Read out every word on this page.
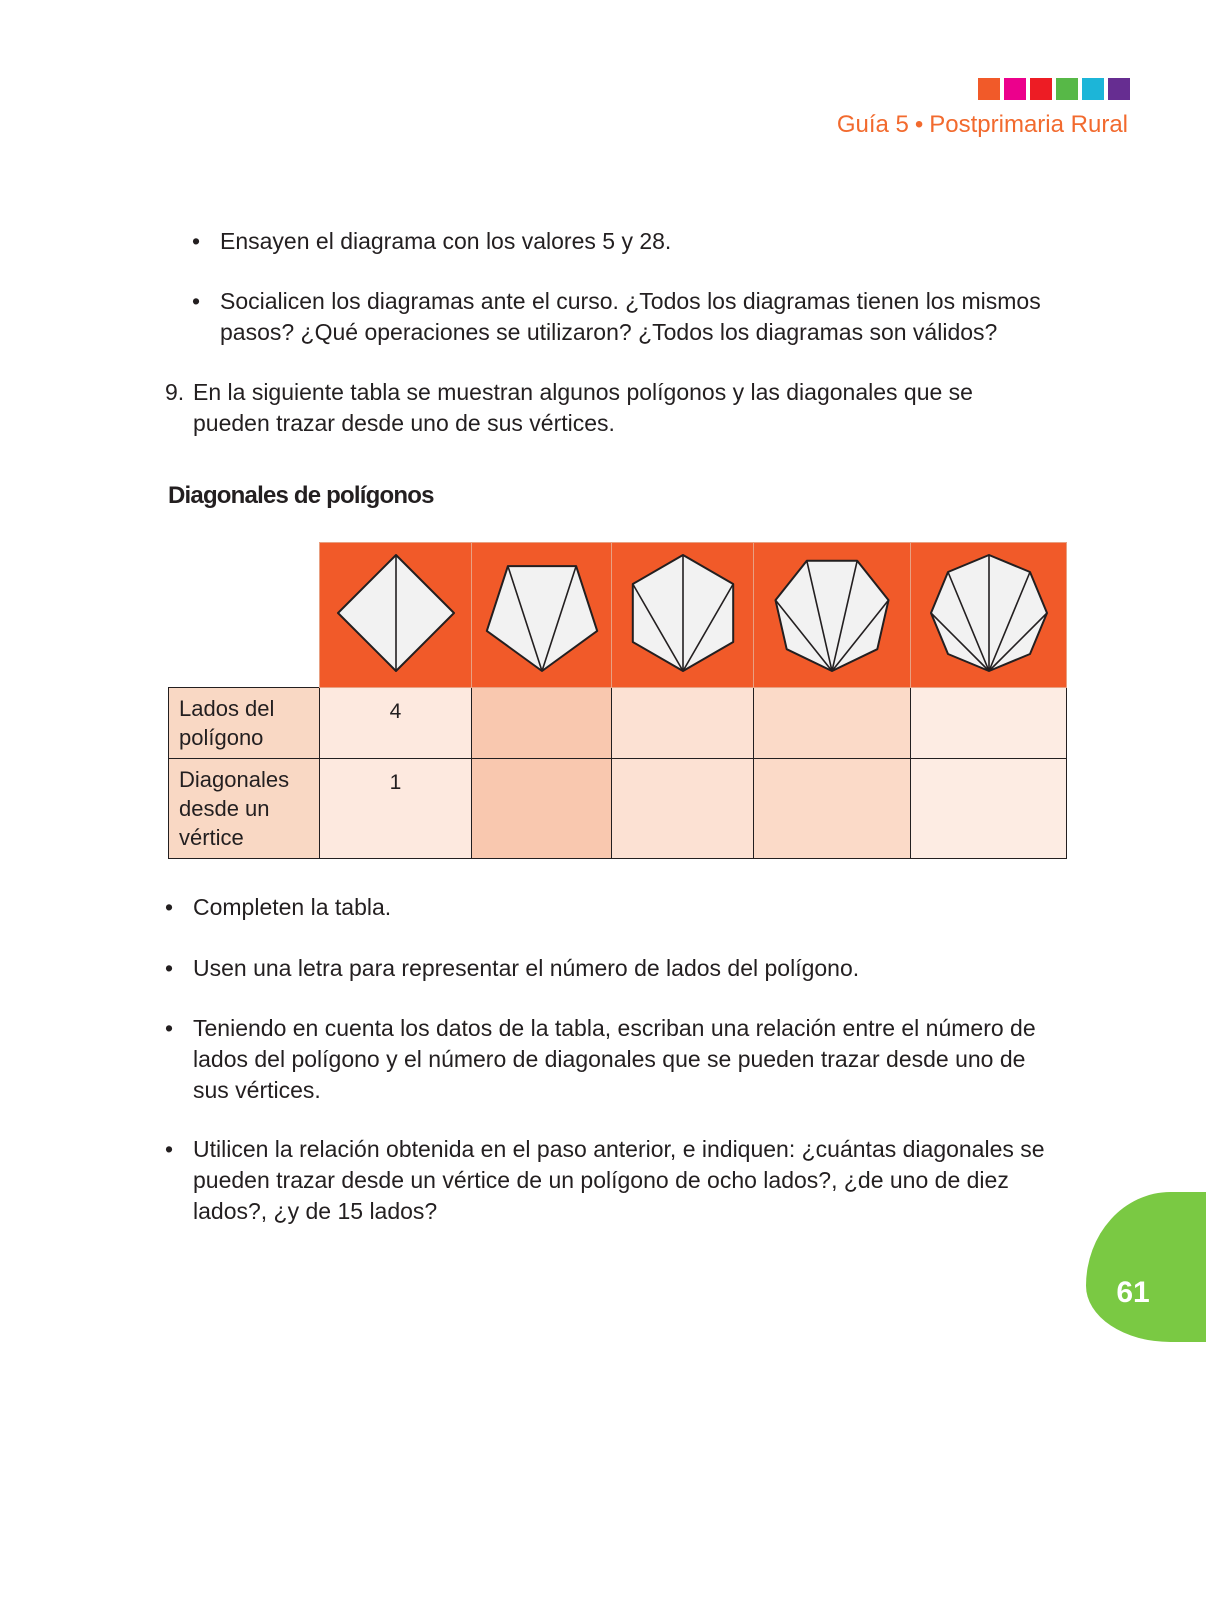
Guía 5 • Postprimaria Rural
• Ensayen el diagrama con los valores 5 y 28.
• Socialicen los diagramas ante el curso. ¿Todos los diagramas tienen los mismos pasos? ¿Qué operaciones se utilizaron? ¿Todos los diagramas son válidos?
9. En la siguiente tabla se muestran algunos polígonos y las diagonales que se pueden trazar desde uno de sus vértices.
Diagonales de polígonos

Lados del polígono	4				
Diagonales desde un vértice	1				
• Completen la tabla.
• Usen una letra para representar el número de lados del polígono.
• Teniendo en cuenta los datos de la tabla, escriban una relación entre el número de lados del polígono y el número de diagonales que se pueden trazar desde uno de sus vértices.
• Utilicen la relación obtenida en el paso anterior, e indiquen: ¿cuántas diagonales se pueden trazar desde un vértice de un polígono de ocho lados?, ¿de uno de diez lados?, ¿y de 15 lados?
61
